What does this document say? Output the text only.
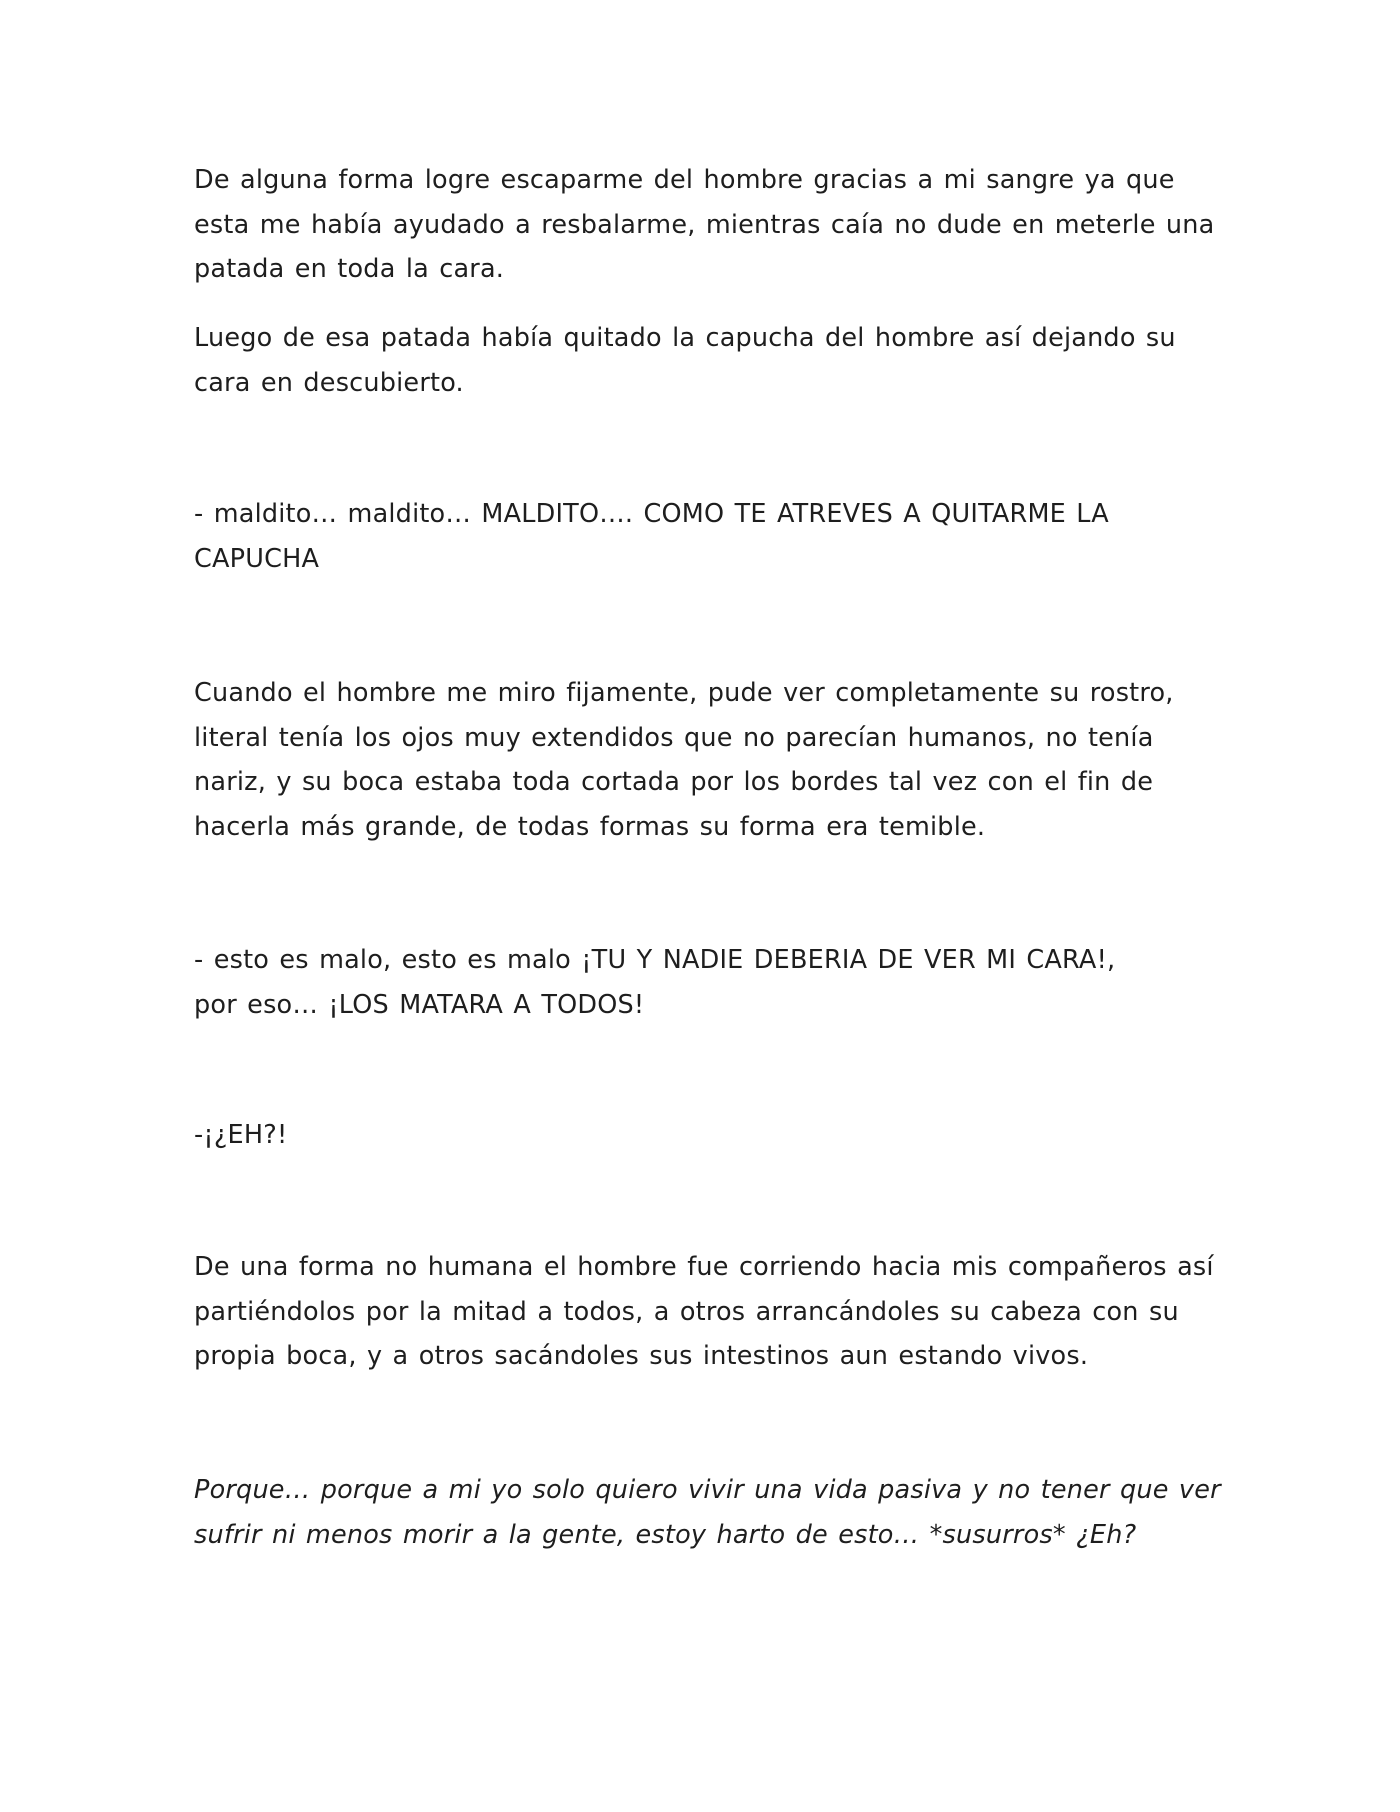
De alguna forma logre escaparme del hombre gracias a mi sangre ya que
esta me había ayudado a resbalarme, mientras caía no dude en meterle una
patada en toda la cara.

Luego de esa patada había quitado la capucha del hombre así dejando su
cara en descubierto.

- maldito… maldito… MALDITO…. COMO TE ATREVES A QUITARME LA
CAPUCHA

Cuando el hombre me miro fijamente, pude ver completamente su rostro,
literal tenía los ojos muy extendidos que no parecían humanos, no tenía
nariz, y su boca estaba toda cortada por los bordes tal vez con el fin de
hacerla más grande, de todas formas su forma era temible.

- esto es malo, esto es malo ¡TU Y NADIE DEBERIA DE VER MI CARA!,
por eso… ¡LOS MATARA A TODOS!

-¡¿EH?!

De una forma no humana el hombre fue corriendo hacia mis compañeros así
partiéndolos por la mitad a todos, a otros arrancándoles su cabeza con su
propia boca, y a otros sacándoles sus intestinos aun estando vivos.

Porque… porque a mi yo solo quiero vivir una vida pasiva y no tener que ver
sufrir ni menos morir a la gente, estoy harto de esto… *susurros* ¿Eh?
